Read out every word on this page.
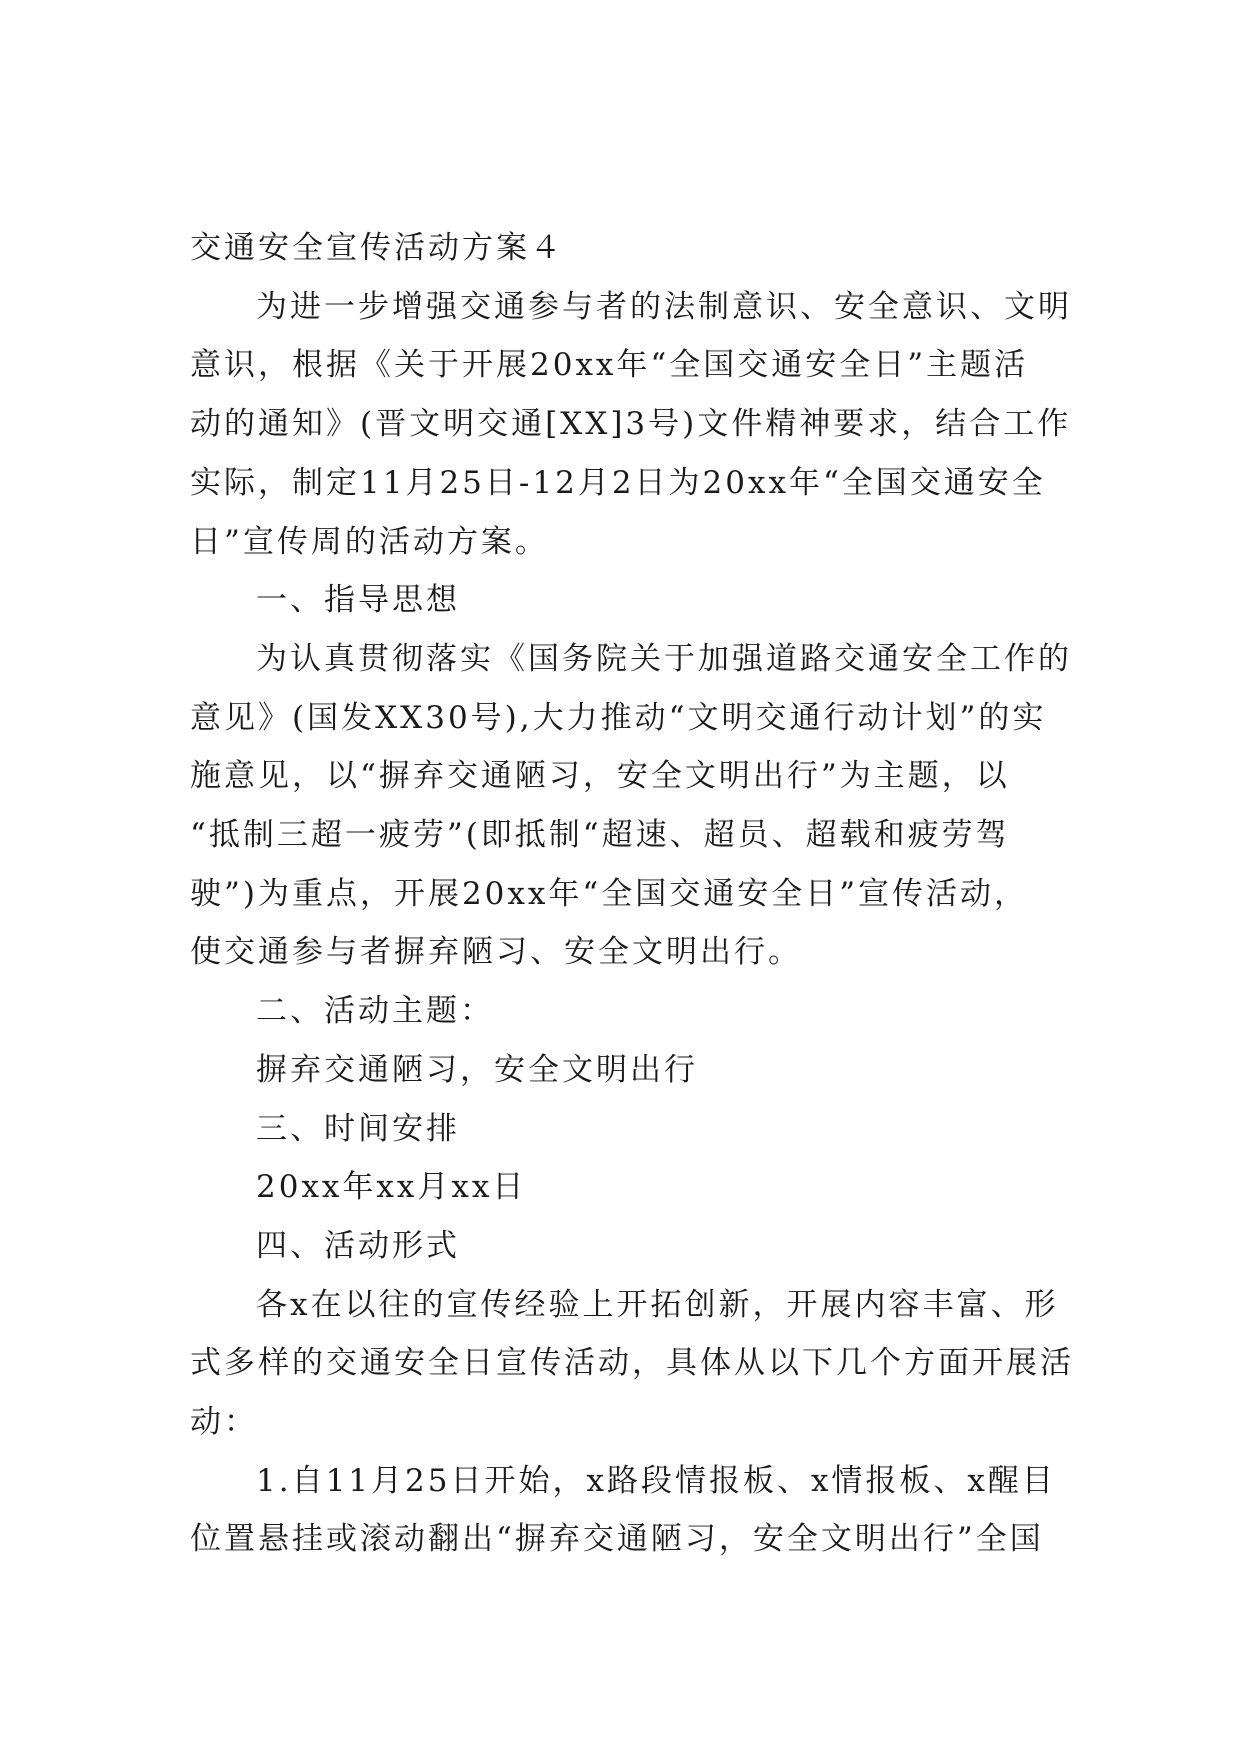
交通安全宣传活动方案４

为进一步增强交通参与者的法制意识、安全意识、文明

意识，根据《关于开展20xx年“全国交通安全日”主题活

动的通知》(晋文明交通[XX]3号)文件精神要求，结合工作

实际，制定11月25日-12月2日为20xx年“全国交通安全

日”宣传周的活动方案。

一、指导思想

为认真贯彻落实《国务院关于加强道路交通安全工作的

意见》(国发XX30号),大力推动“文明交通行动计划”的实

施意见，以“摒弃交通陋习，安全文明出行”为主题，以

“抵制三超一疲劳”(即抵制“超速、超员、超载和疲劳驾

驶”)为重点，开展20xx年“全国交通安全日”宣传活动，

使交通参与者摒弃陋习、安全文明出行。

二、活动主题：

摒弃交通陋习，安全文明出行

三、时间安排

20xx年xx月xx日

四、活动形式

各x在以往的宣传经验上开拓创新，开展内容丰富、形

式多样的交通安全日宣传活动，具体从以下几个方面开展活

动：

1.自11月25日开始，x路段情报板、x情报板、x醒目

位置悬挂或滚动翻出“摒弃交通陋习，安全文明出行”全国
